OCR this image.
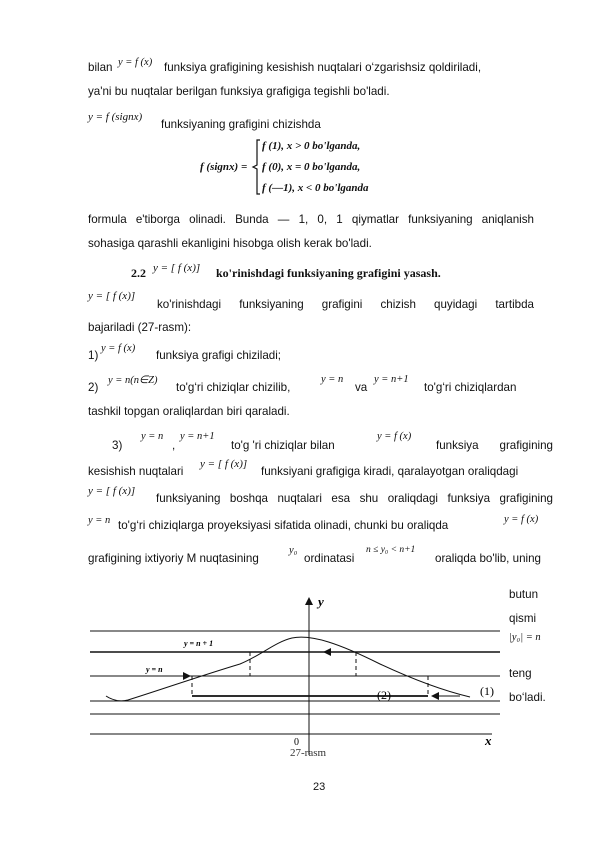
bilan y = f (x) funksiya grafigining kesishish nuqtalari o‘zgarishsiz qoldiriladi,
ya'ni bu nuqtalar berilgan funksiya grafigiga tegishli bo'ladi.
y = f (signx)
funksiyaning grafigini chizishda
f (signx) =
f (1), x > 0 bo'lganda,
f (0), x = 0 bo'lganda,
f (—1), x < 0 bo'lganda
formula e'tiborga olinadi. Bunda — 1, 0, 1 qiymatlar funksiyaning aniqlanish
sohasiga qarashli ekanligini hisobga olish kerak bo'ladi.
2.2 y = [ f (x)] ko'rinishdagi funksiyaning grafigini yasash.
y = [ f (x)]
ko'rinishdagi funksiyaning grafigini chizish quyidagi tartibda
bajariladi (27-rasm):
1)
y = f (x)
funksiya grafigi chiziladi;
2)
y = n(n∈Z)
to'g‘ri chiziqlar chizilib,
y = n
va
y = n+1
to'g‘ri chiziqlardan
tashkil topgan oraliqlardan biri qaraladi.
3)
y = n
,
y = n+1
to'g 'ri chiziqlar bilan
y = f (x)
funksiya grafigining
kesishish nuqtalari
y = [ f (x)]
funksiyani grafigiga kiradi, qaralayotgan oraliqdagi
y = [ f (x)]
funksiyaning boshqa nuqtalari esa shu oraliqdagi funksiya grafigining
y = n to'g‘ri chiziqlarga proyeksiyasi sifatida olinadi, chunki bu oraliqda	y = f (x)
grafigining ixtiyoriy M nuqtasining
y₀
ordinatasi
n ≤ y₀ < n+1
oraliqda bo'lib, uning
butun
qismi
|y₀| = n
teng
bo‘ladi.
y = n + 1
y = n
y
x
0
(2)	(1)
27-rasm
23
